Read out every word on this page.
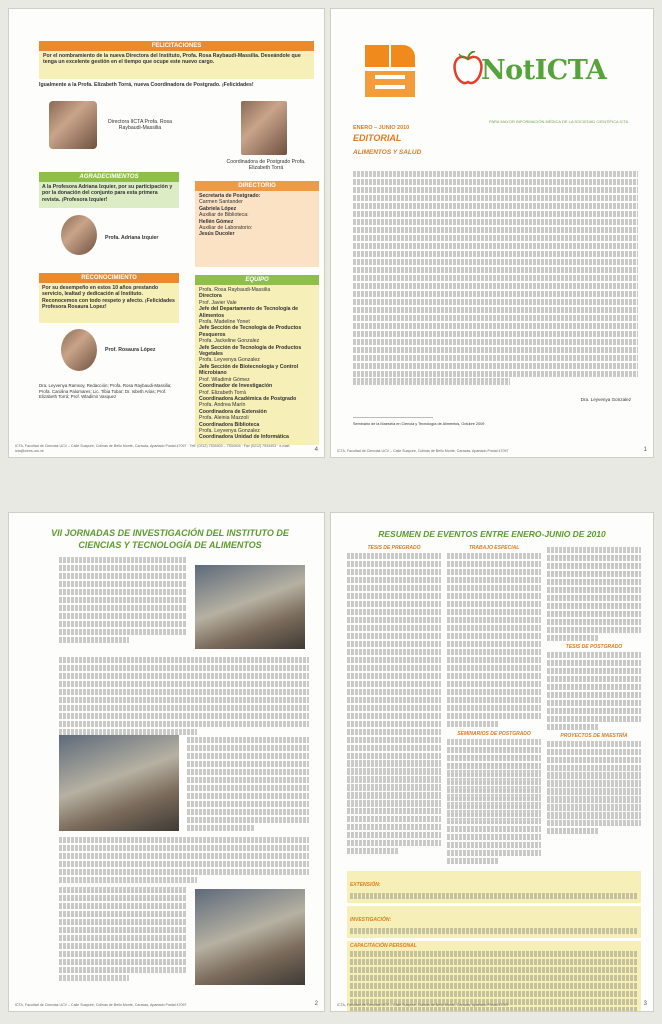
FELICITACIONES
Por el nombramiento de la nueva Directora del Instituto, Profa. Rosa Raybaudi-Massilia. Deseándole que tenga un excelente gestión en el tiempo que ocupe este nuevo cargo.
Igualmente a la Profa. Elizabeth Torrá, nueva Coordinadora de Postgrado. ¡Felicidades!
Directora IICTA Profa. Rosa Raybaudi-Massilia
Coordinadora de Postgrado Profa. Elizabeth Torrá
AGRADECIMIENTOS
A la Profesora Adriana Izquier, por su participación y por la donación del conjunto para esta primera revista. ¡Profesora Izquier!
Profa. Adriana Izquier
RECONOCIMIENTO
Por su desempeño en estos 10 años prestando servicio, lealtad y dedicación al Instituto. Reconocemos con todo respeto y afecto. ¡Felicidades Profesora Rosaura Lopez!
Prof. Rosaura López
Dra. Leyvenya Ramsoy, Redacción; Profa. Rosa Raybaudi-Massilia; Profa. Carolina Palomares; Lic. Tibia Tobar; Dr. Isbeth Arias; Prof. Elizabeth Torrá; Prof. Wladimir Vasquez
DIRECTORIO
Secretaria de Postgrado:
Carmen Santander
Gabriela López
Auxiliar de Biblioteca:
Hellén Gómez
Auxiliar de Laboratorio:
Jesús Ducoler
EQUIPO
Profa. Rosa Raybaudi-Massilia
Directora
Prof. Javier Vale
Jefe del Departamento de Tecnología de Alimentos
Profa. Madeline Yonet
Jefe Sección de Tecnología de Productos Pesqueros
Profa. Jackeline Gonzalez
Jefe Sección de Tecnología de Productos Vegetales
Profa. Leyvenya Gonzalez
Jefe Sección de Biotecnología y Control Microbiano
Prof. Wladimir Gómez
Coordinador de Investigación
Prof. Elizabeth Torrá
Coordinadora Académica de Postgrado
Profa. Andrea Marín
Coordinadora de Extensión
Profa. Aleinia Mazzoli
Coordinadora Biblioteca
Profa. Leyvenya Gonzalez
Coordinadora Unidad de Informática
ICTA, Facultad de Ciencias UCV – Calle Suapure, Colinas de Bello Monte, Caracas, Apartado Postal 47097 · Telf: (0212) 7534403 – 7534404 · Fax (0212) 7534403 · e-mail: icta@ciens.ucv.ve	4
NotICTA
PARA MAYOR INFORMACIÓN MÉDICA DE LA SOCIEDAD CIENTÍFICA ICTA
ENERO – JUNIO 2010
EDITORIAL
ALIMENTOS Y SALUD
Dra. Leyvenya Gonzalez
Seminario de la Maestría en Ciencia y Tecnología de Alimentos, Octubre 2009
ICTA, Facultad de Ciencias UCV – Calle Suapure, Colinas de Bello Monte, Caracas, Apartado Postal 47097	1
VII JORNADAS DE INVESTIGACIÓN DEL INSTITUTO DE CIENCIAS Y TECNOLOGÍA DE ALIMENTOS
ICTA, Facultad de Ciencias UCV – Calle Suapure, Colinas de Bello Monte, Caracas, Apartado Postal 47097	2
RESUMEN DE EVENTOS ENTRE ENERO-JUNIO DE 2010
TESIS DE PREGRADO	TRABAJO ESPECIAL
SEMINARIOS DE POSTGRADO
TESIS DE POSTGRADO
PROYECTOS DE MAESTRÍA
EXTENSIÓN:
INVESTIGACIÓN:
CAPACITACIÓN PERSONAL
ICTA, Facultad de Ciencias UCV – Calle Suapure, Colinas de Bello Monte, Caracas, Apartado Postal 47097	3
